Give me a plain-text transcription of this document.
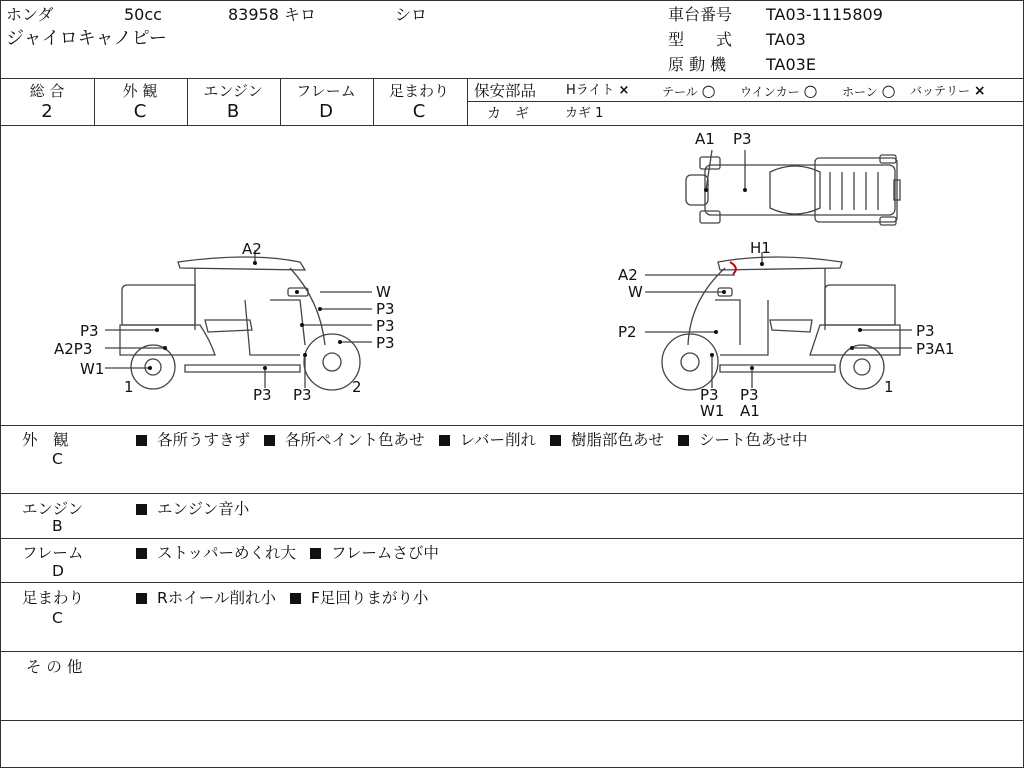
ホンダ	50cc	83958 キロ	シロ
ジャイロキャノピー
車台番号 TA03-1115809
型　　式 TA03
原 動 機 TA03E
総 合
2
外 観
C
エンジン
B
フレーム
D
足まわり
C
保安部品 Hライト ×	テール ○ ウインカー ○ ホーン ○ バッテリー ×
カ　ギ	カギ 1
A1 P3
A2
W
P3
P3
P3
P3
A2P3
W1
1	P3 P3	2
H1
A2
W
P2	P3
P3A1
P3
W1
P3
A1
1
外　観
C
各所うすきず 各所ペイント色あせ レバー削れ 樹脂部色あせ シート色あせ中
エンジン
B
エンジン音小
フレーム
D
ストッパーめくれ大 フレームさび中
足まわり
C
Rホイール削れ小 F足回りまがり小
そ の 他
